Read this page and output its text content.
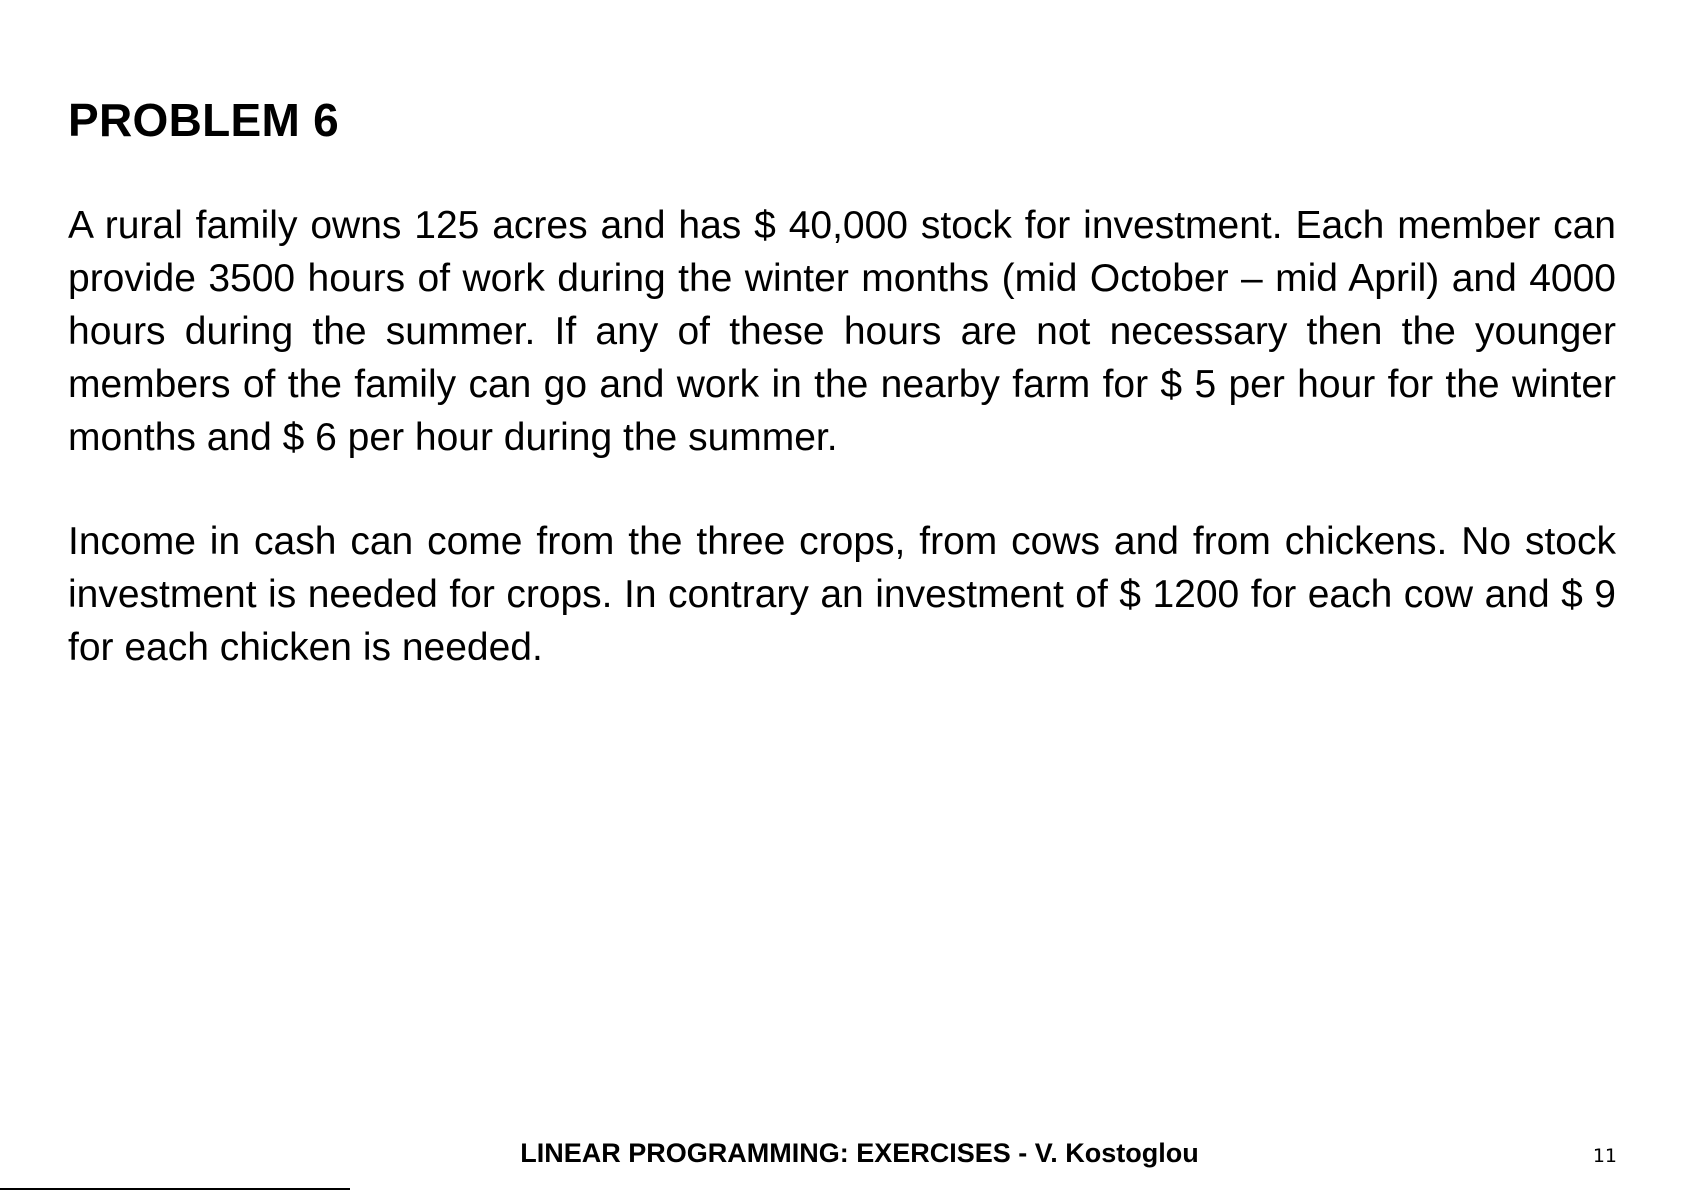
PROBLEM 6

A rural family owns 125 acres and has $ 40,000 stock for investment. Each member can provide 3500 hours of work during the winter months (mid October – mid April) and 4000 hours during the summer. If any of these hours are not necessary then the younger members of the family can go and work in the nearby farm for $ 5 per hour for the winter months and $ 6 per hour during the summer.

Income in cash can come from the three crops, from cows and from chickens. No stock investment is needed for crops. In contrary an investment of $ 1200 for each cow and $ 9 for each chicken is needed.

LINEAR PROGRAMMING: EXERCISES - V. Kostoglou	11
